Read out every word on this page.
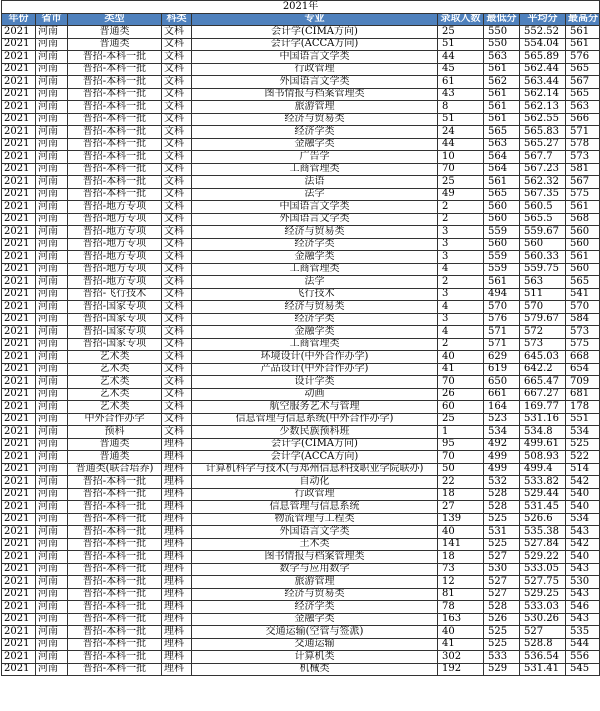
2021年								
年份	省市	类型	科类	专业	录取人数	最低分	平均分	最高分
2021	河南	普通类	文科	会计学(CIMA方向)	25	550	552.52	561
2021	河南	普通类	文科	会计学(ACCA方向)	51	550	554.04	561
2021	河南	普招-本科一批	文科	中国语言文学类	44	563	565.89	576
2021	河南	普招-本科一批	文科	行政管理	45	561	562.44	565
2021	河南	普招-本科一批	文科	外国语言文学类	61	562	563.44	567
2021	河南	普招-本科一批	文科	图书情报与档案管理类	43	561	562.14	565
2021	河南	普招-本科一批	文科	旅游管理	8	561	562.13	563
2021	河南	普招-本科一批	文科	经济与贸易类	51	561	562.55	566
2021	河南	普招-本科一批	文科	经济学类	24	565	565.83	571
2021	河南	普招-本科一批	文科	金融学类	44	563	565.27	578
2021	河南	普招-本科一批	文科	广告学	10	564	567.7	573
2021	河南	普招-本科一批	文科	工商管理类	70	564	567.23	581
2021	河南	普招-本科一批	文科	法语	25	561	562.32	567
2021	河南	普招-本科一批	文科	法学	49	565	567.35	575
2021	河南	普招-地方专项	文科	中国语言文学类	2	560	560.5	561
2021	河南	普招-地方专项	文科	外国语言文学类	2	560	565.5	568
2021	河南	普招-地方专项	文科	经济与贸易类	3	559	559.67	560
2021	河南	普招-地方专项	文科	经济学类	3	560	560	560
2021	河南	普招-地方专项	文科	金融学类	3	559	560.33	561
2021	河南	普招-地方专项	文科	工商管理类	4	559	559.75	560
2021	河南	普招-地方专项	文科	法学	2	561	563	565
2021	河南	普招-飞行技术	文科	飞行技术	3	494	511	541
2021	河南	普招-国家专项	文科	经济与贸易类	4	570	570	570
2021	河南	普招-国家专项	文科	经济学类	3	576	579.67	584
2021	河南	普招-国家专项	文科	金融学类	4	571	572	573
2021	河南	普招-国家专项	文科	工商管理类	2	571	573	575
2021	河南	艺术类	文科	环境设计(中外合作办学)	40	629	645.03	668
2021	河南	艺术类	文科	产品设计(中外合作办学)	41	619	642.2	654
2021	河南	艺术类	文科	设计学类	70	650	665.47	709
2021	河南	艺术类	文科	动画	26	661	667.27	681
2021	河南	艺术类	文科	航空服务艺术与管理	60	164	169.77	178
2021	河南	中外合作办学	文科	信息管理与信息系统(中外合作办学)	25	523	531.16	551
2021	河南	预科	文科	少数民族预科班	1	534	534.8	534
2021	河南	普通类	理科	会计学(CIMA方向)	95	492	499.61	525
2021	河南	普通类	理科	会计学(ACCA方向)	70	499	508.93	522
2021	河南	普通类(联合培养)	理科	计算机科学与技术(与郑州信息科技职业学院联办)	50	499	499.4	514
2021	河南	普招-本科一批	理科	自动化	22	532	533.82	542
2021	河南	普招-本科一批	理科	行政管理	18	528	529.44	540
2021	河南	普招-本科一批	理科	信息管理与信息系统	27	528	531.45	540
2021	河南	普招-本科一批	理科	物流管理与工程类	139	525	526.6	534
2021	河南	普招-本科一批	理科	外国语言文学类	40	531	535.38	543
2021	河南	普招-本科一批	理科	土木类	141	525	527.84	542
2021	河南	普招-本科一批	理科	图书情报与档案管理类	18	527	529.22	540
2021	河南	普招-本科一批	理科	数学与应用数学	73	530	533.05	543
2021	河南	普招-本科一批	理科	旅游管理	12	527	527.75	530
2021	河南	普招-本科一批	理科	经济与贸易类	81	527	529.25	543
2021	河南	普招-本科一批	理科	经济学类	78	528	533.03	546
2021	河南	普招-本科一批	理科	金融学类	163	526	530.26	543
2021	河南	普招-本科一批	理科	交通运输(空管与签派)	40	525	527	535
2021	河南	普招-本科一批	理科	交通运输	41	525	528.8	544
2021	河南	普招-本科一批	理科	计算机类	302	533	536.54	556
2021	河南	普招-本科一批	理科	机械类	192	529	531.41	545
